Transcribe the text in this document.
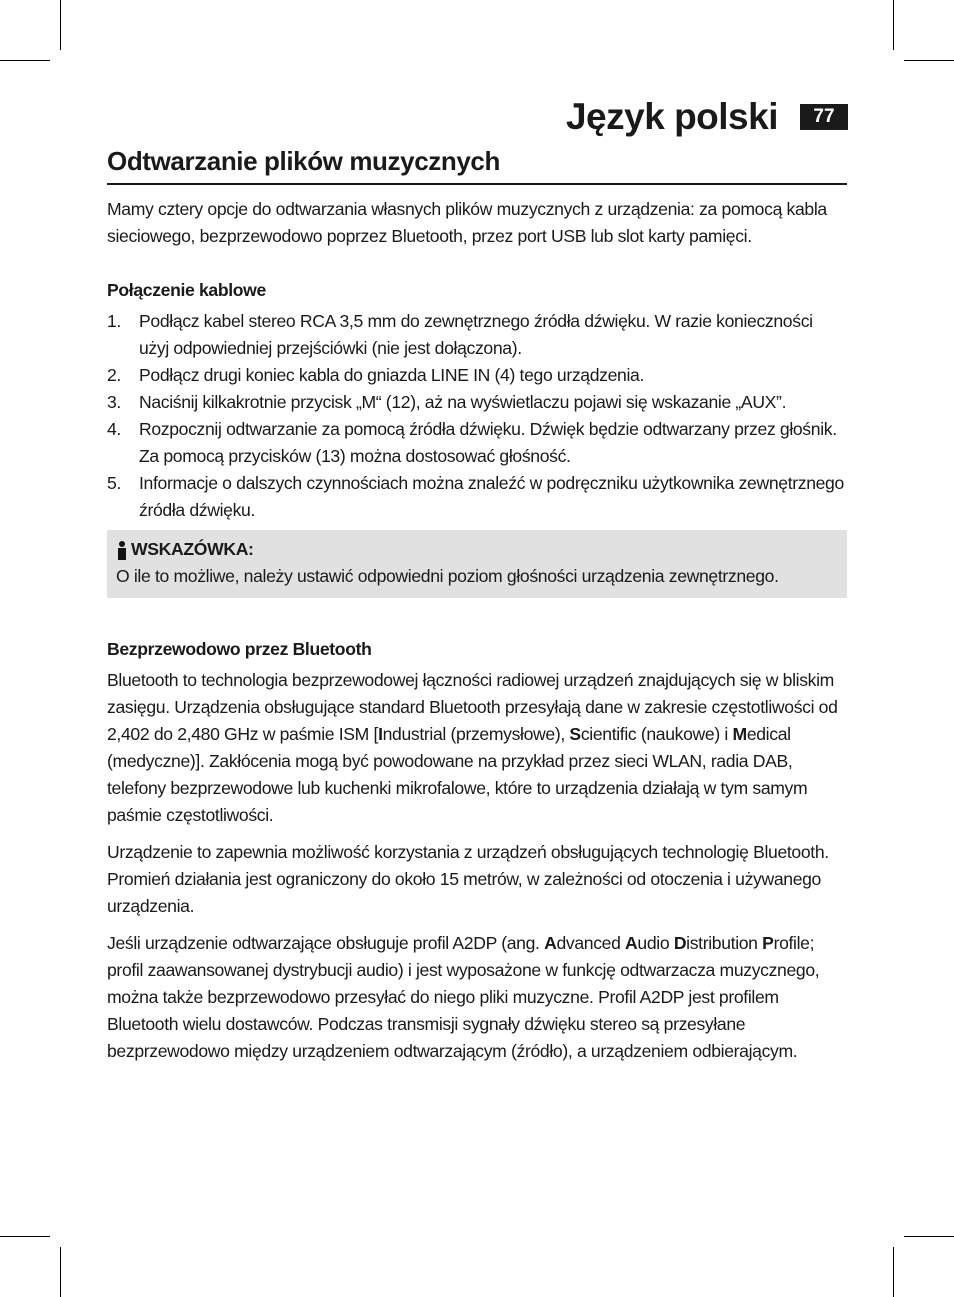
Język polski	77
Odtwarzanie plików muzycznych

Mamy cztery opcje do odtwarzania własnych plików muzycznych z urządzenia: za pomocą kabla sieciowego, bezprzewodowo poprzez Bluetooth, przez port USB lub slot karty pamięci.

Połączenie kablowe

1. Podłącz kabel stereo RCA 3,5 mm do zewnętrznego źródła dźwięku. W razie konieczności użyj odpowiedniej przejściówki (nie jest dołączona).
2. Podłącz drugi koniec kabla do gniazda LINE IN (4) tego urządzenia.
3. Naciśnij kilkakrotnie przycisk „M“ (12), aż na wyświetlaczu pojawi się wskazanie „AUX”.
4. Rozpocznij odtwarzanie za pomocą źródła dźwięku. Dźwięk będzie odtwarzany przez głośnik. Za pomocą przycisków (13) można dostosować głośność.
5. Informacje o dalszych czynnościach można znaleźć w podręczniku użytkownika zewnętrznego źródła dźwięku.
WSKAZÓWKA:

O ile to możliwe, należy ustawić odpowiedni poziom głośności urządzenia zewnętrznego.

Bezprzewodowo przez Bluetooth

Bluetooth to technologia bezprzewodowej łączności radiowej urządzeń znajdujących się w bliskim zasięgu. Urządzenia obsługujące standard Bluetooth przesyłają dane w zakresie częstotliwości od 2,402 do 2,480 GHz w paśmie ISM [Industrial (przemysłowe), Scientific (naukowe) i Medical (medyczne)]. Zakłócenia mogą być powodowane na przykład przez sieci WLAN, radia DAB, telefony bezprzewodowe lub kuchenki mikrofalowe, które to urządzenia działają w tym samym paśmie częstotliwości.

Urządzenie to zapewnia możliwość korzystania z urządzeń obsługujących technologię Bluetooth. Promień działania jest ograniczony do około 15 metrów, w zależności od otoczenia i używanego urządzenia.

Jeśli urządzenie odtwarzające obsługuje profil A2DP (ang. Advanced Audio Distribution Profile; profil zaawansowanej dystrybucji audio) i jest wyposażone w funkcję odtwarzacza muzycznego, można także bezprzewodowo przesyłać do niego pliki muzyczne. Profil A2DP jest profilem Bluetooth wielu dostawców. Podczas transmisji sygnały dźwięku stereo są przesyłane bezprzewodowo między urządzeniem odtwarzającym (źródło), a urządzeniem odbierającym.
